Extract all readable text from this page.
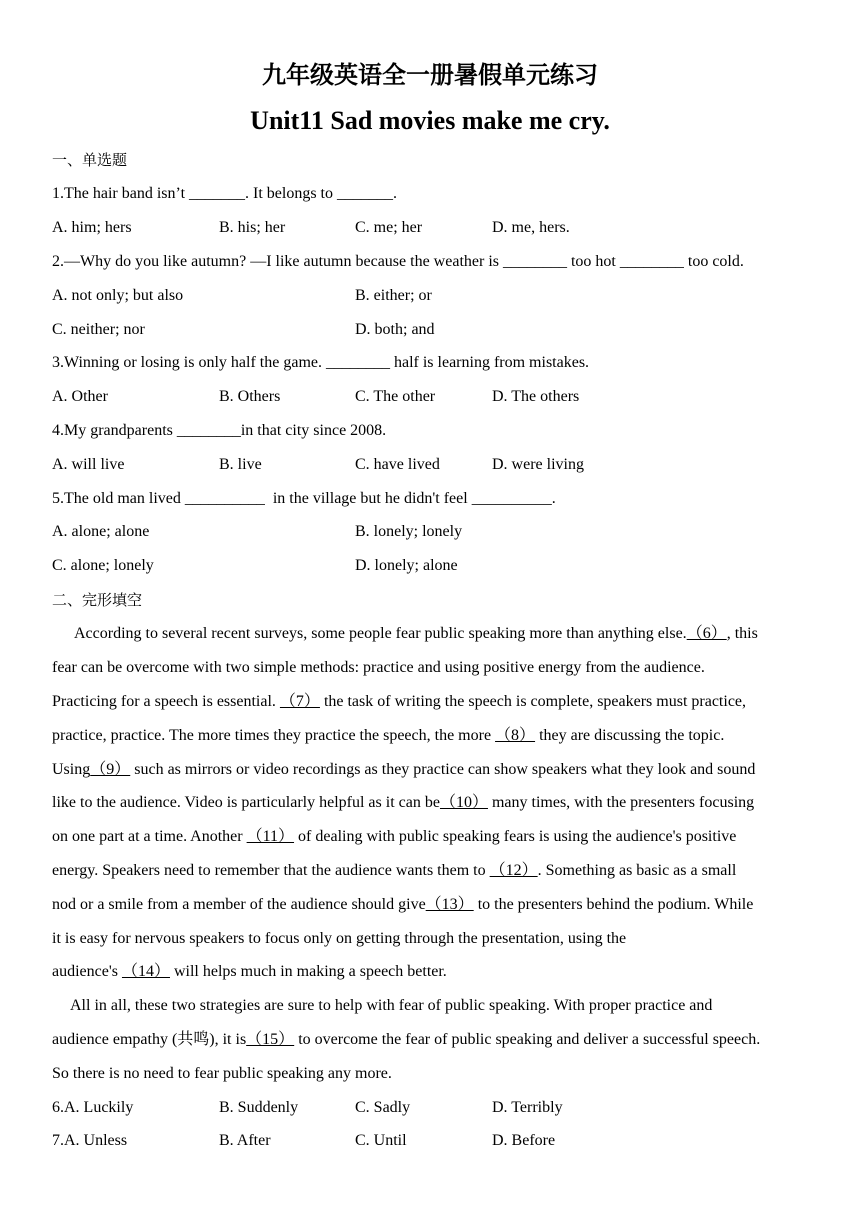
九年级英语全一册暑假单元练习
Unit11 Sad movies make me cry.
一、单选题
1.The hair band isn’t _______. It belongs to _______.
A. him; hers	B. his; her	C. me; her	D. me, hers.
2.—Why do you like autumn? —I like autumn because the weather is ________ too hot ________ too cold.
A. not only; but also	B. either; or
C. neither; nor	D. both; and
3.Winning or losing is only half the game. ________ half is learning from mistakes.
A. Other	B. Others	C. The other	D. The others
4.My grandparents ________in that city since 2008.
A. will live	B. live	C. have lived	D. were living
5.The old man lived __________  in the village but he didn't feel __________.
A. alone; alone	B. lonely; lonely
C. alone; lonely	D. lonely; alone
二、完形填空
According to several recent surveys, some people fear public speaking more than anything else.（6）, this
fear can be overcome with two simple methods: practice and using positive energy from the audience.
Practicing for a speech is essential. （7） the task of writing the speech is complete, speakers must practice,
practice, practice. The more times they practice the speech, the more （8） they are discussing the topic.
Using（9） such as mirrors or video recordings as they practice can show speakers what they look and sound
like to the audience. Video is particularly helpful as it can be（10） many times, with the presenters focusing
on one part at a time. Another （11） of dealing with public speaking fears is using the audience's positive
energy. Speakers need to remember that the audience wants them to （12）. Something as basic as a small
nod or a smile from a member of the audience should give（13） to the presenters behind the podium. While
it is easy for nervous speakers to focus only on getting through the presentation, using the
audience's （14） will helps much in making a speech better.
All in all, these two strategies are sure to help with fear of public speaking. With proper practice and
audience empathy (共鸣), it is（15） to overcome the fear of public speaking and deliver a successful speech.
So there is no need to fear public speaking any more.
6.A. Luckily	B. Suddenly	C. Sadly	D. Terribly
7.A. Unless	B. After	C. Until	D. Before
